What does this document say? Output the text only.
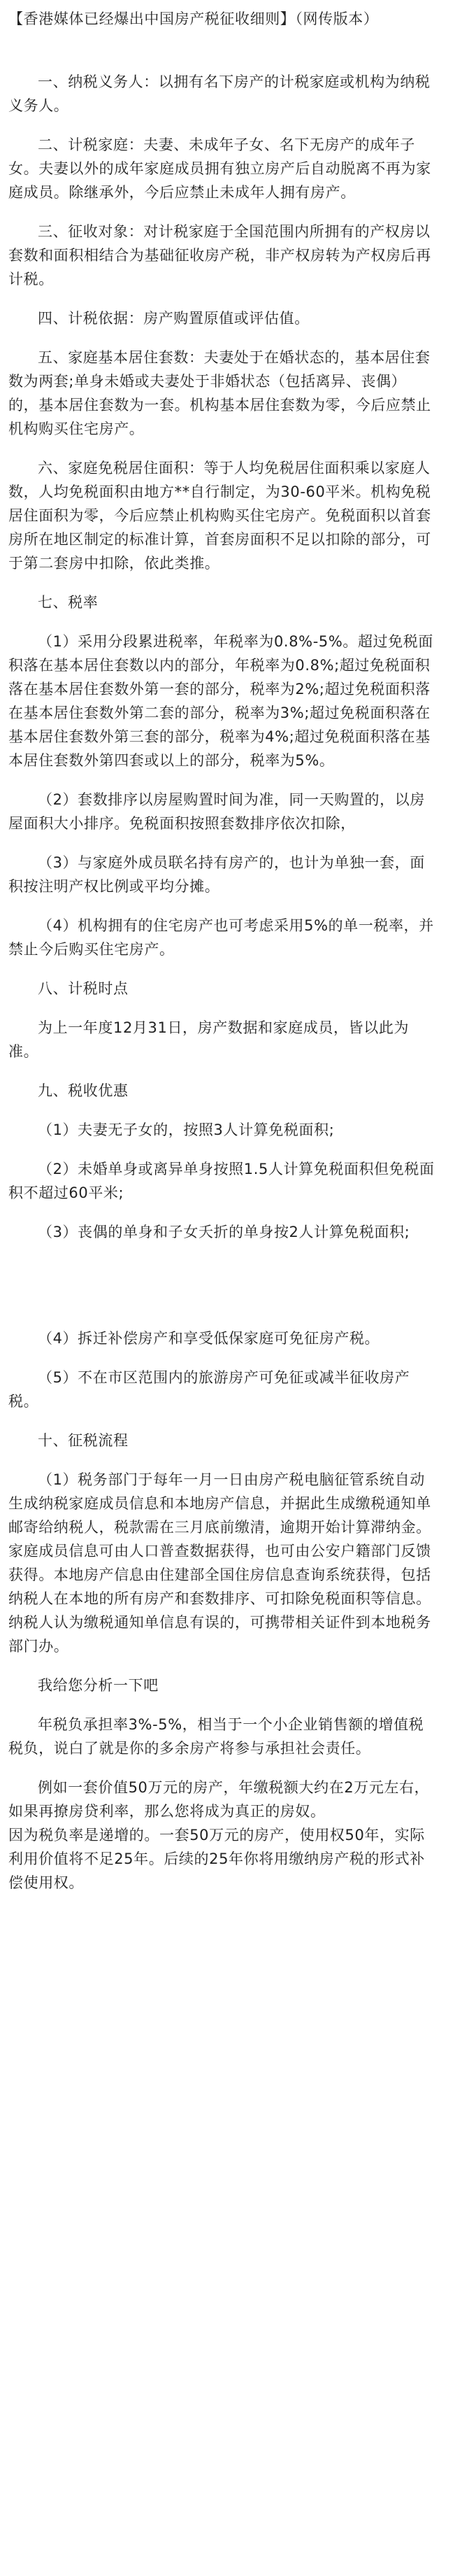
【香港媒体已经爆出中国房产税征收细则】（网传版本）
一、纳税义务人：以拥有名下房产的计税家庭或机构为纳税义务人。
二、计税家庭：夫妻、未成年子女、名下无房产的成年子女。夫妻以外的成年家庭成员拥有独立房产后自动脱离不再为家庭成员。除继承外，今后应禁止未成年人拥有房产。
三、征收对象：对计税家庭于全国范围内所拥有的产权房以套数和面积相结合为基础征收房产税，非产权房转为产权房后再计税。
四、计税依据：房产购置原值或评估值。
五、家庭基本居住套数：夫妻处于在婚状态的，基本居住套数为两套;单身未婚或夫妻处于非婚状态（包括离异、丧偶）的，基本居住套数为一套。机构基本居住套数为零，今后应禁止机构购买住宅房产。
六、家庭免税居住面积：等于人均免税居住面积乘以家庭人数，人均免税面积由地方**自行制定，为30-60平米。机构免税居住面积为零，今后应禁止机构购买住宅房产。免税面积以首套房所在地区制定的标准计算，首套房面积不足以扣除的部分，可于第二套房中扣除，依此类推。
七、税率
（1）采用分段累进税率，年税率为0.8%-5%。超过免税面积落在基本居住套数以内的部分，年税率为0.8%;超过免税面积落在基本居住套数外第一套的部分，税率为2%;超过免税面积落在基本居住套数外第二套的部分，税率为3%;超过免税面积落在基本居住套数外第三套的部分，税率为4%;超过免税面积落在基本居住套数外第四套或以上的部分，税率为5%。
（2）套数排序以房屋购置时间为准，同一天购置的，以房屋面积大小排序。免税面积按照套数排序依次扣除，
（3）与家庭外成员联名持有房产的，也计为单独一套，面积按注明产权比例或平均分摊。
（4）机构拥有的住宅房产也可考虑采用5%的单一税率，并禁止今后购买住宅房产。
八、计税时点
为上一年度12月31日，房产数据和家庭成员，皆以此为准。
九、税收优惠
（1）夫妻无子女的，按照3人计算免税面积;
（2）未婚单身或离异单身按照1.5人计算免税面积但免税面积不超过60平米;
（3）丧偶的单身和子女夭折的单身按2人计算免税面积;
（4）拆迁补偿房产和享受低保家庭可免征房产税。
（5）不在市区范围内的旅游房产可免征或减半征收房产税。
十、征税流程
（1）税务部门于每年一月一日由房产税电脑征管系统自动生成纳税家庭成员信息和本地房产信息，并据此生成缴税通知单邮寄给纳税人，税款需在三月底前缴清，逾期开始计算滞纳金。家庭成员信息可由人口普查数据获得，也可由公安户籍部门反馈获得。本地房产信息由住建部全国住房信息查询系统获得，包括纳税人在本地的所有房产和套数排序、可扣除免税面积等信息。纳税人认为缴税通知单信息有误的，可携带相关证件到本地税务部门办。
我给您分析一下吧
年税负承担率3%-5%，相当于一个小企业销售额的增值税税负，说白了就是你的多余房产将参与承担社会责任。
例如一套价值50万元的房产，年缴税额大约在2万元左右，如果再撩房贷利率，那么您将成为真正的房奴。
因为税负率是递增的。一套50万元的房产，使用权50年，实际利用价值将不足25年。后续的25年你将用缴纳房产税的形式补偿使用权。
